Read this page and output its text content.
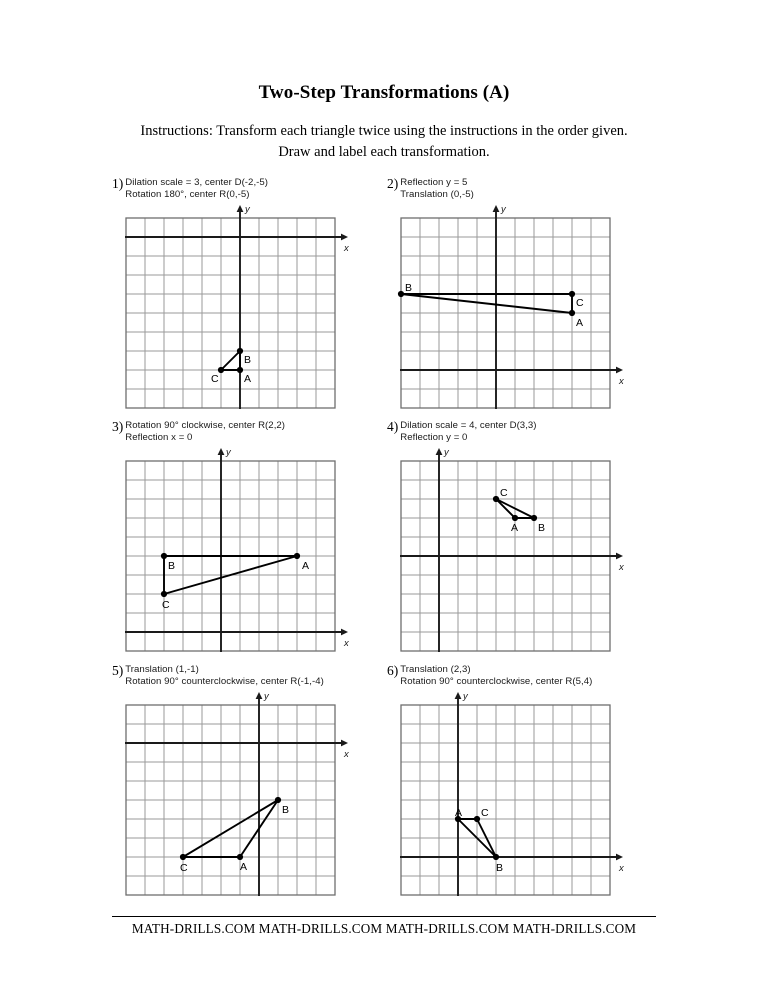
Two-Step Transformations (A)
Instructions: Transform each triangle twice using the instructions in the order given.
Draw and label each transformation.
1) Dilation scale = 3, center D(-2,-5)
Rotation 180°, center R(0,-5)
x
y
A
B
C
2) Reflection y = 5
Translation (0,-5)
x
y
A
B
C
3) Rotation 90° clockwise, center R(2,2)
Reflection x = 0
x
y
A
B
C
4) Dilation scale = 4, center D(3,3)
Reflection y = 0
x
y
A B
C
5) Translation (1,-1)
Rotation 90° counterclockwise, center R(-1,-4)
x
y
A
B
C
6) Translation (2,3)
Rotation 90° counterclockwise, center R(5,4)
x
y
A
B
C
MATH-DRILLS.COM MATH-DRILLS.COM MATH-DRILLS.COM MATH-DRILLS.COM
